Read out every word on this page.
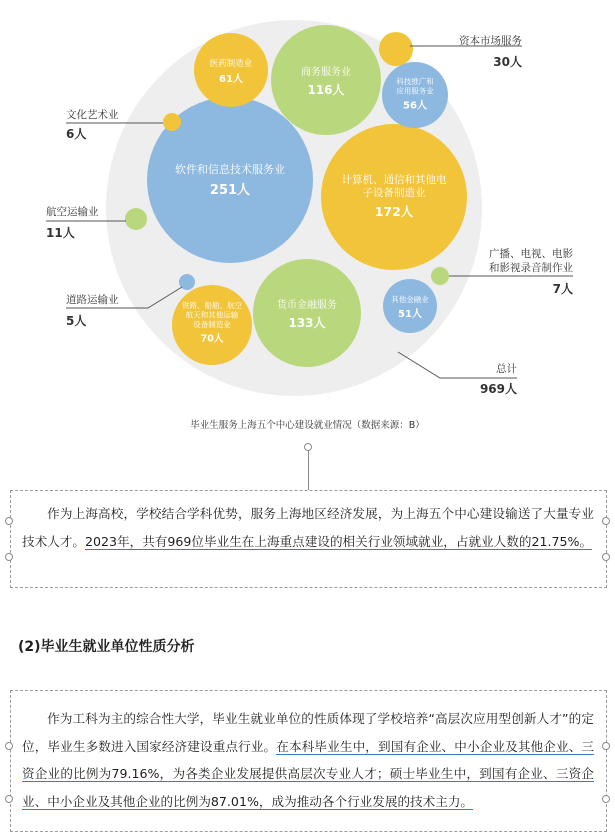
软件和信息技术服务业
251人
计算机、通信和其他电
子设备制造业
172人
货币金融服务
133人
商务服务业
116人
铁路、船舶、航空
航天和其他运输
设备制造业
70人
医药制造业
61人	科技推广和
应用服务业
56人
其他金融业
51人
资本市场服务
30人
广播、电视、电影
和影视录音制作业
7人
文化艺术业
6人
航空运输业
11人
道路运输业
5人
总计
969人
毕业生服务上海五个中心建设就业情况（数据来源：B）

作为上海高校，学校结合学科优势，服务上海地区经济发展，为上海五个中心建设输送了大量专业技术人才。2023年，共有969位毕业生在上海重点建设的相关行业领域就业，占就业人数的21.75%。

(2)毕业生就业单位性质分析

作为工科为主的综合性大学，毕业生就业单位的性质体现了学校培养“高层次应用型创新人才”的定位，毕业生多数进入国家经济建设重点行业。在本科毕业生中，到国有企业、中小企业及其他企业、三资企业的比例为79.16%，为各类企业发展提供高层次专业人才；硕士毕业生中，到国有企业、三资企业、中小企业及其他企业的比例为87.01%，成为推动各个行业发展的技术主力。
